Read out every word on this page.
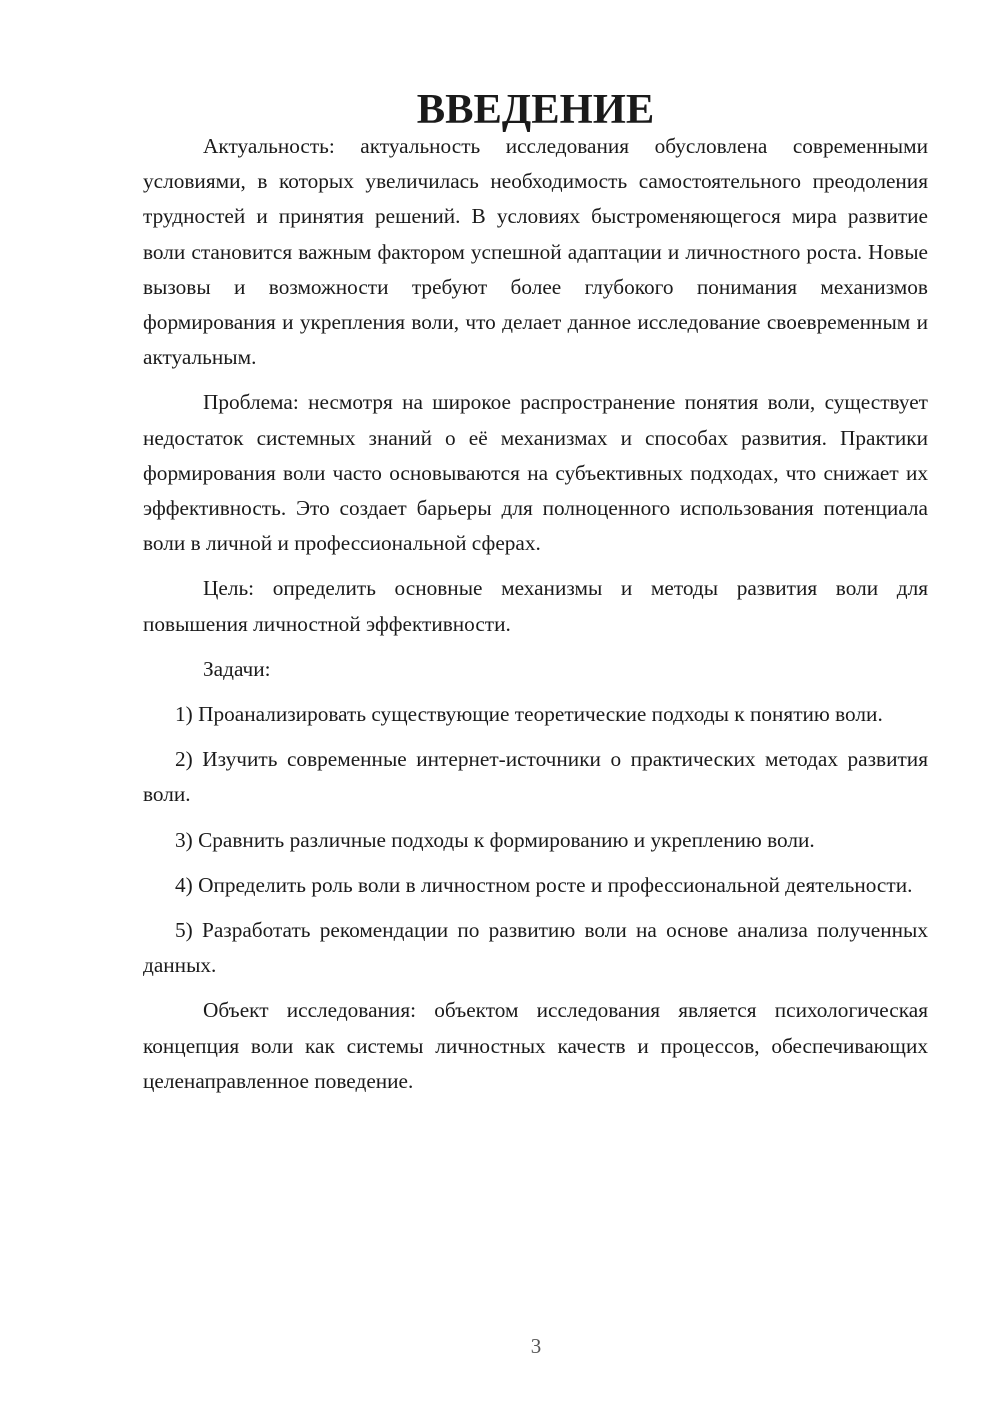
ВВЕДЕНИЕ

Актуальность: актуальность исследования обусловлена современными условиями, в которых увеличилась необходимость самостоятельного преодоления трудностей и принятия решений. В условиях быстроменяющегося мира развитие воли становится важным фактором успешной адаптации и личностного роста. Новые вызовы и возможности требуют более глубокого понимания механизмов формирования и укрепления воли, что делает данное исследование своевременным и актуальным.

Проблема: несмотря на широкое распространение понятия воли, существует недостаток системных знаний о её механизмах и способах развития. Практики формирования воли часто основываются на субъективных подходах, что снижает их эффективность. Это создает барьеры для полноценного использования потенциала воли в личной и профессиональной сферах.

Цель: определить основные механизмы и методы развития воли для повышения личностной эффективности.

Задачи:

1) Проанализировать существующие теоретические подходы к понятию воли.

2) Изучить современные интернет-источники о практических методах развития воли.

3) Сравнить различные подходы к формированию и укреплению воли.

4) Определить роль воли в личностном росте и профессиональной деятельности.

5) Разработать рекомендации по развитию воли на основе анализа полученных данных.

Объект исследования: объектом исследования является психологическая концепция воли как системы личностных качеств и процессов, обеспечивающих целенаправленное поведение.

3
